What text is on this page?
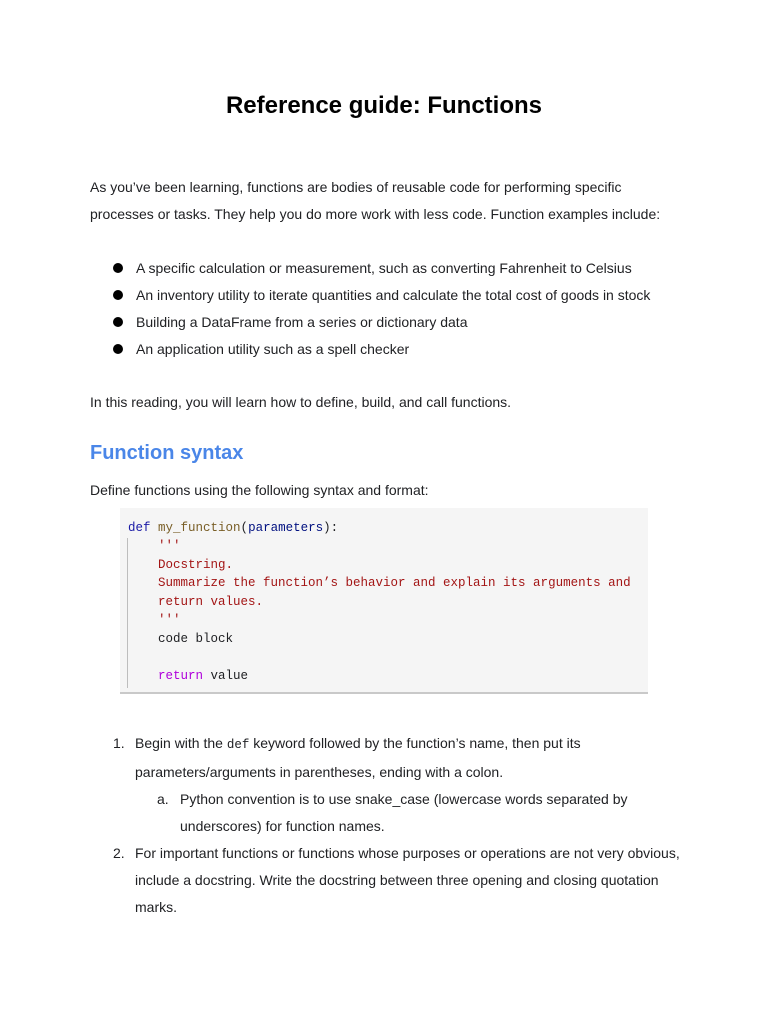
Reference guide: Functions

As you’ve been learning, functions are bodies of reusable code for performing specific processes or tasks. They help you do more work with less code. Function examples include:

A specific calculation or measurement, such as converting Fahrenheit to Celsius
An inventory utility to iterate quantities and calculate the total cost of goods in stock
Building a DataFrame from a series or dictionary data
An application utility such as a spell checker

In this reading, you will learn how to define, build, and call functions.

Function syntax

Define functions using the following syntax and format:

def my_function(parameters):
'''
Docstring.
Summarize the function’s behavior and explain its arguments and
return values.
'''
code block
return value
1. Begin with the def keyword followed by the function’s name, then put its parameters/arguments in parentheses, ending with a colon.
a. Python convention is to use snake_case (lowercase words separated by underscores) for function names.
2. For important functions or functions whose purposes or operations are not very obvious, include a docstring. Write the docstring between three opening and closing quotation marks.
